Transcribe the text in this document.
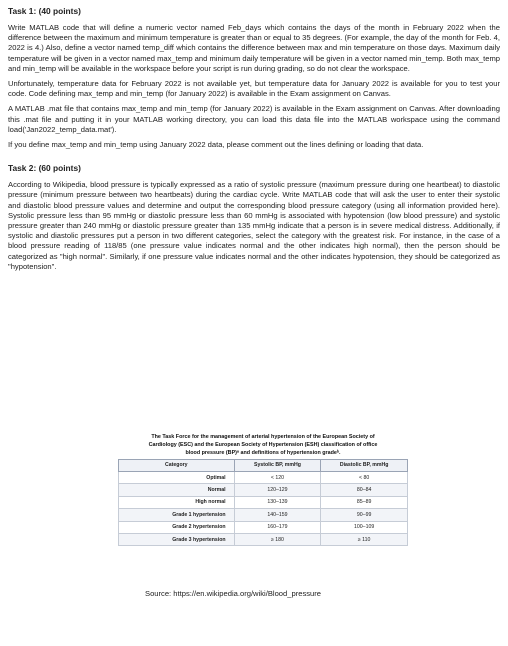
Task 1: (40 points)

Write MATLAB code that will define a numeric vector named Feb_days which contains the days of the month in February 2022 when the difference between the maximum and minimum temperature is greater than or equal to 35 degrees. (For example, the day of the month for Feb. 4, 2022 is 4.) Also, define a vector named temp_diff which contains the difference between max and min temperature on those days. Maximum daily temperature will be given in a vector named max_temp and minimum daily temperature will be given in a vector named min_temp. Both max_temp and min_temp will be available in the workspace before your script is run during grading, so do not clear the workspace.

Unfortunately, temperature data for February 2022 is not available yet, but temperature data for January 2022 is available for you to test your code. Code defining max_temp and min_temp (for January 2022) is available in the Exam assignment on Canvas.

A MATLAB .mat file that contains max_temp and min_temp (for January 2022) is available in the Exam assignment on Canvas. After downloading this .mat file and putting it in your MATLAB working directory, you can load this data file into the MATLAB workspace using the command load('Jan2022_temp_data.mat').

If you define max_temp and min_temp using January 2022 data, please comment out the lines defining or loading that data.

Task 2: (60 points)

According to Wikipedia, blood pressure is typically expressed as a ratio of systolic pressure (maximum pressure during one heartbeat) to diastolic pressure (minimum pressure between two heartbeats) during the cardiac cycle. Write MATLAB code that will ask the user to enter their systolic and diastolic blood pressure values and determine and output the corresponding blood pressure category (using all information provided here). Systolic pressure less than 95 mmHg or diastolic pressure less than 60 mmHg is associated with hypotension (low blood pressure) and systolic pressure greater than 240 mmHg or diastolic pressure greater than 135 mmHg indicate that a person is in severe medical distress. Additionally, if systolic and diastolic pressures put a person in two different categories, select the category with the greatest risk. For instance, in the case of a blood pressure reading of 118/85 (one pressure value indicates normal and the other indicates high normal), then the person should be categorized as "high normal". Similarly, if one pressure value indicates normal and the other indicates hypotension, they should be categorized as "hypotension".

The Task Force for the management of arterial hypertension of the European Society of
Cardiology (ESC) and the European Society of Hypertension (ESH) classification of office
blood pressure (BP)ᵃ and definitions of hypertension gradeᵇ.
Category	Systolic BP, mmHg	Diastolic BP, mmHg
Optimal	< 120	< 80
Normal	120–129	80–84
High normal	130–139	85–89
Grade 1 hypertension	140–159	90–99
Grade 2 hypertension	160–179	100–109
Grade 3 hypertension	≥ 180	≥ 110
Source: https://en.wikipedia.org/wiki/Blood_pressure
